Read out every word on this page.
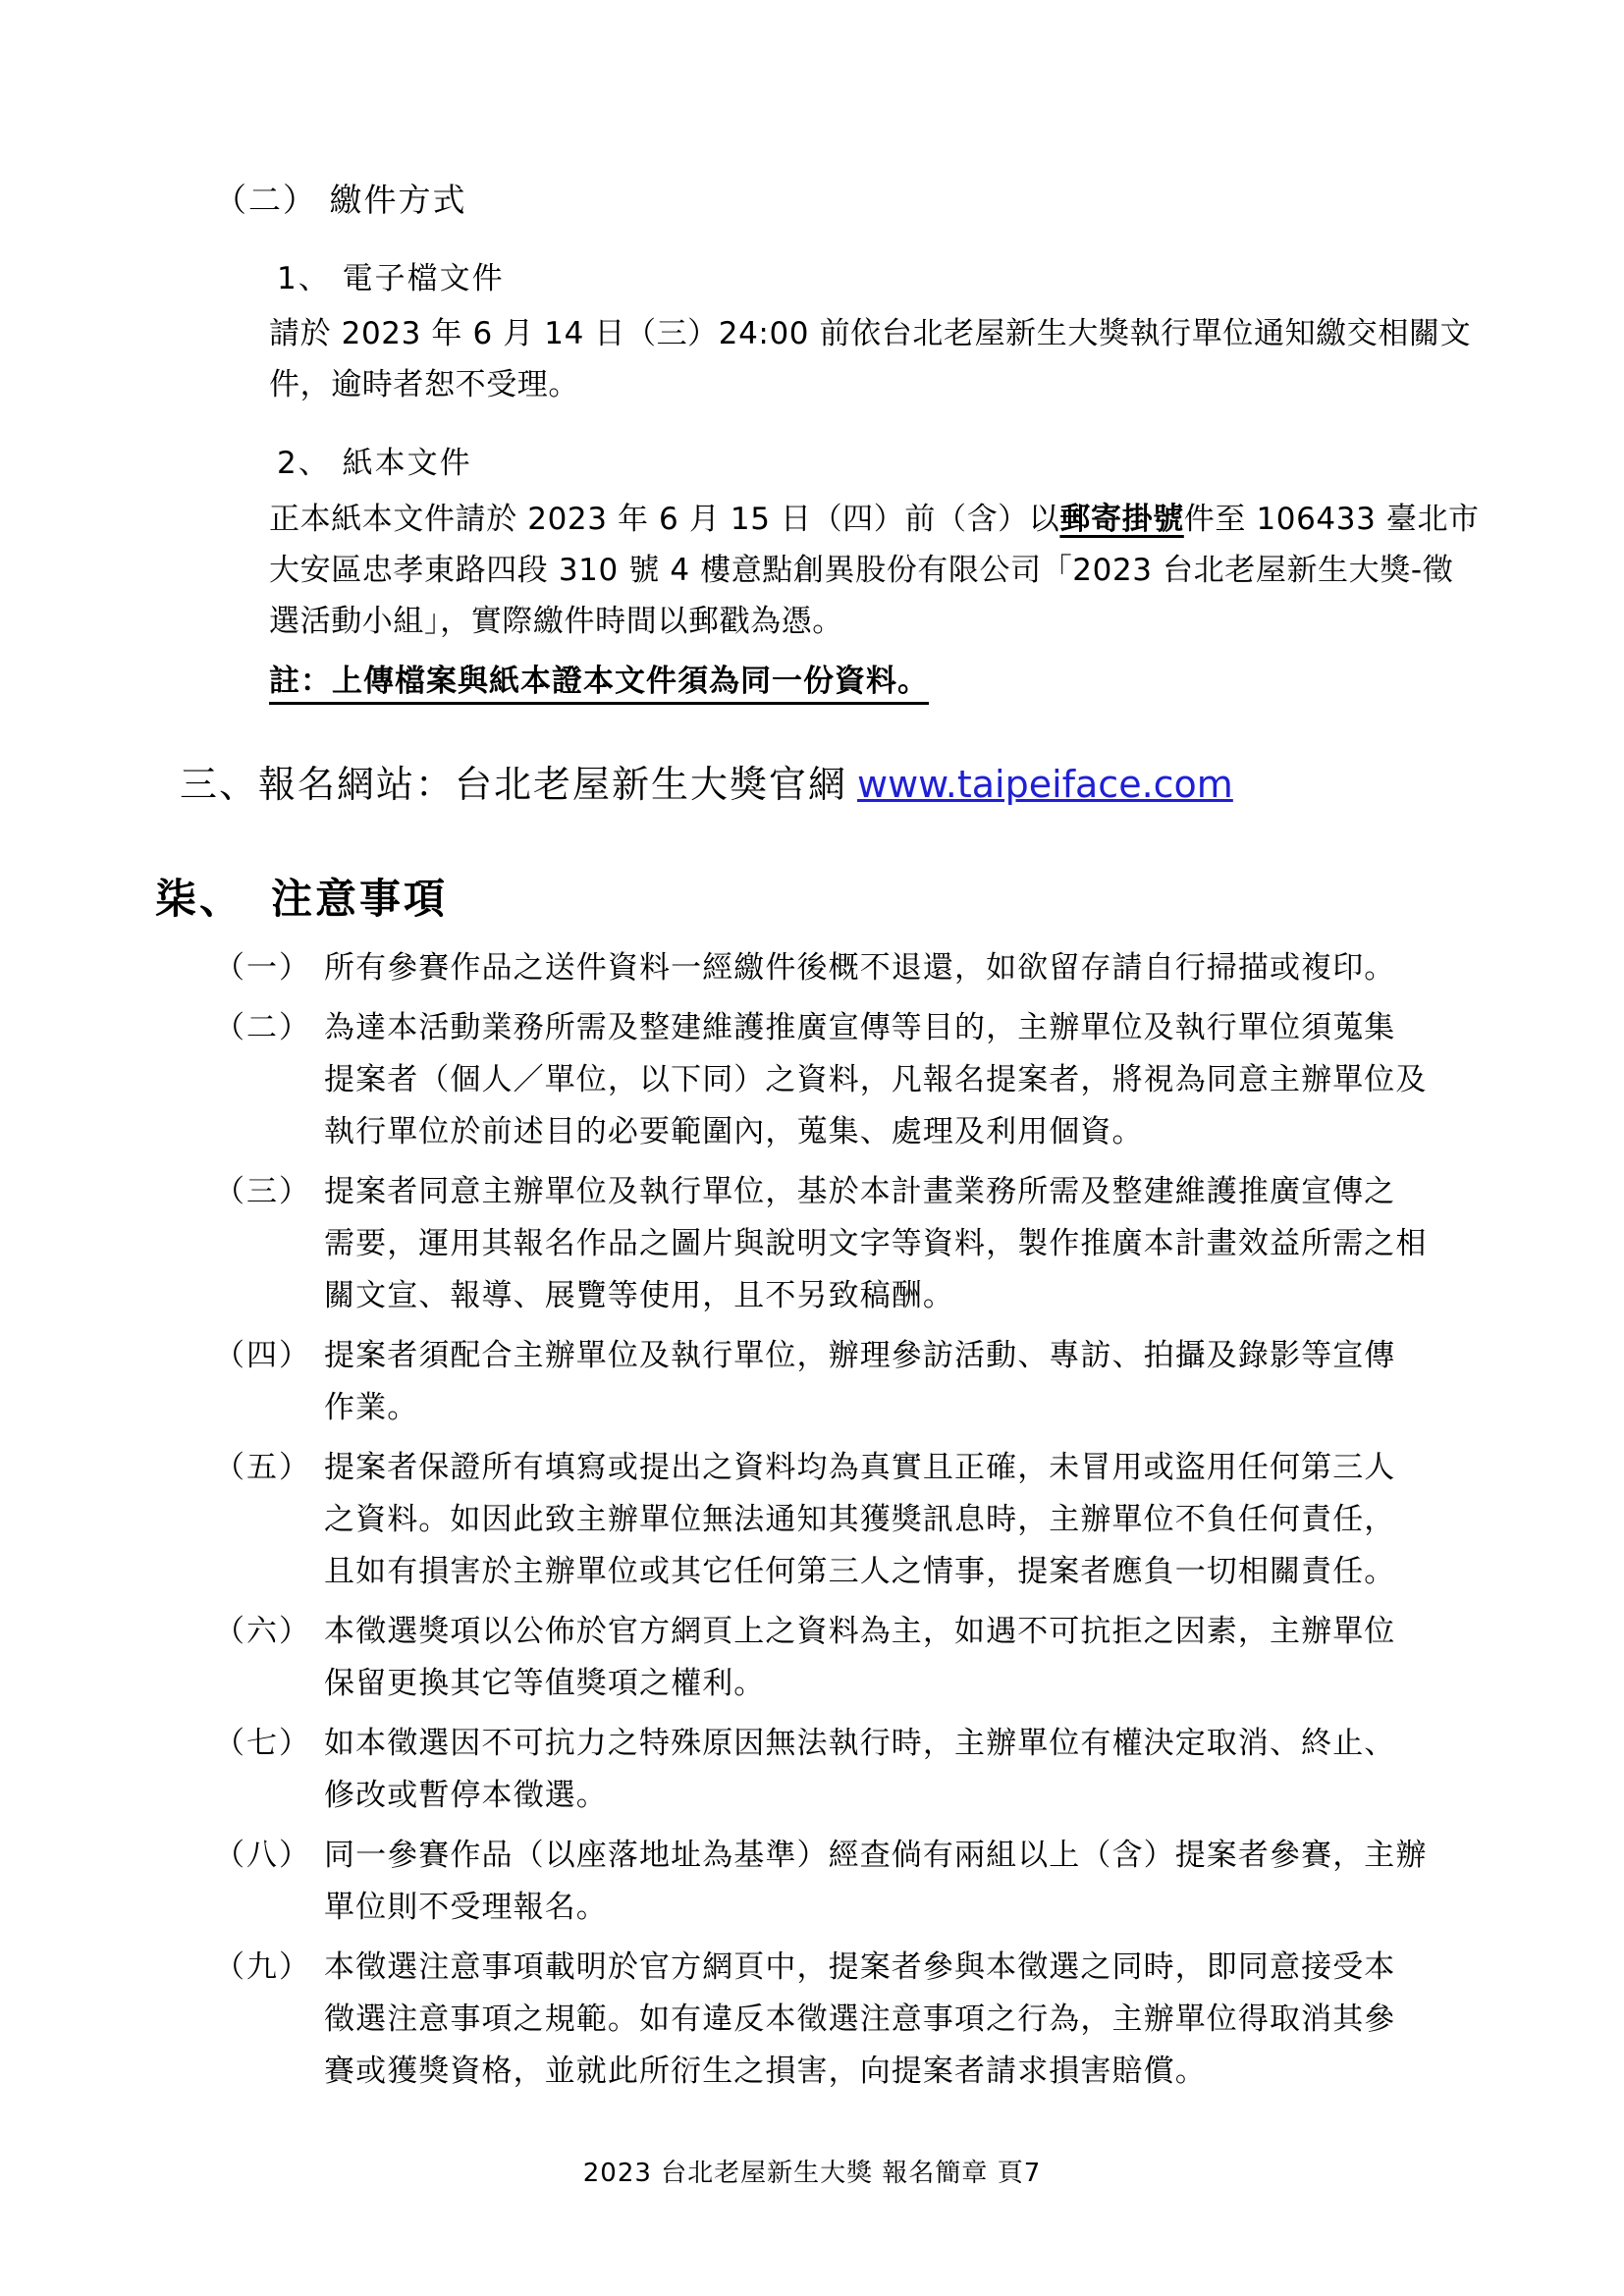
（二） 繳件方式
1、 電子檔文件
請於 2023 年 6 月 14 日（三）24:00 前依台北老屋新生大獎執行單位通知繳交相關文
件，逾時者恕不受理。
2、 紙本文件
正本紙本文件請於 2023 年 6 月 15 日（四）前（含）以郵寄掛號件至 106433 臺北市
大安區忠孝東路四段 310 號 4 樓意點創異股份有限公司「2023 台北老屋新生大獎-徵
選活動小組」，實際繳件時間以郵戳為憑。
註：上傳檔案與紙本證本文件須為同一份資料。
三、報名網站：台北老屋新生大獎官網 www.taipeiface.com
柒、 注意事項
（一） 所有參賽作品之送件資料一經繳件後概不退還，如欲留存請自行掃描或複印。
（二） 為達本活動業務所需及整建維護推廣宣傳等目的，主辦單位及執行單位須蒐集
提案者（個人／單位，以下同）之資料，凡報名提案者，將視為同意主辦單位及
執行單位於前述目的必要範圍內，蒐集、處理及利用個資。
（三） 提案者同意主辦單位及執行單位，基於本計畫業務所需及整建維護推廣宣傳之
需要，運用其報名作品之圖片與說明文字等資料，製作推廣本計畫效益所需之相
關文宣、報導、展覽等使用，且不另致稿酬。
（四） 提案者須配合主辦單位及執行單位，辦理參訪活動、專訪、拍攝及錄影等宣傳
作業。
（五） 提案者保證所有填寫或提出之資料均為真實且正確，未冒用或盜用任何第三人
之資料。如因此致主辦單位無法通知其獲獎訊息時，主辦單位不負任何責任，
且如有損害於主辦單位或其它任何第三人之情事，提案者應負一切相關責任。
（六） 本徵選獎項以公佈於官方網頁上之資料為主，如遇不可抗拒之因素，主辦單位
保留更換其它等值獎項之權利。
（七） 如本徵選因不可抗力之特殊原因無法執行時，主辦單位有權決定取消、終止、
修改或暫停本徵選。
（八） 同一參賽作品（以座落地址為基準）經查倘有兩組以上（含）提案者參賽，主辦
單位則不受理報名。
（九） 本徵選注意事項載明於官方網頁中，提案者參與本徵選之同時，即同意接受本
徵選注意事項之規範。如有違反本徵選注意事項之行為，主辦單位得取消其參
賽或獲獎資格，並就此所衍生之損害，向提案者請求損害賠償。
2023 台北老屋新生大獎 報名簡章 頁7
